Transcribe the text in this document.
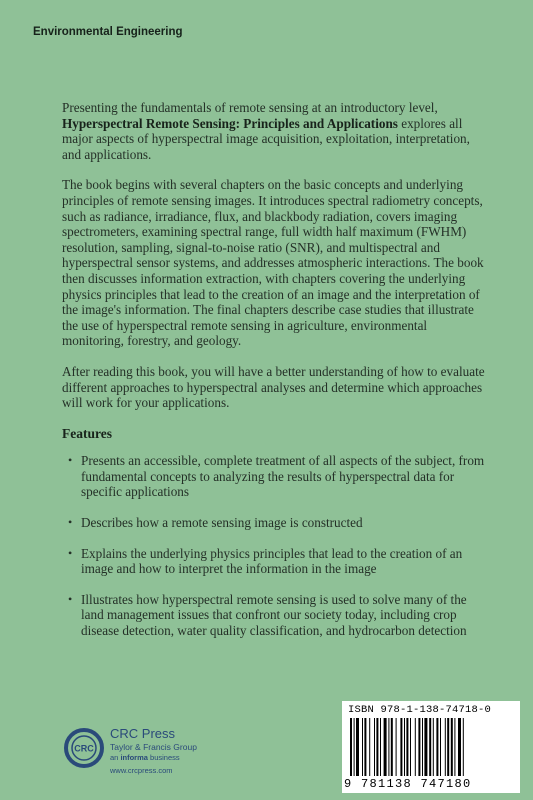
Environmental Engineering

Presenting the fundamentals of remote sensing at an introductory level, Hyperspectral Remote Sensing: Principles and Applications explores all major aspects of hyperspectral image acquisition, exploitation, interpretation, and applications.

The book begins with several chapters on the basic concepts and underlying principles of remote sensing images. It introduces spectral radiometry concepts, such as radiance, irradiance, flux, and blackbody radiation, covers imaging spectrometers, examining spectral range, full width half maximum (FWHM) resolution, sampling, signal-to-noise ratio (SNR), and multispectral and hyperspectral sensor systems, and addresses atmospheric interactions. The book then discusses information extraction, with chapters covering the underlying physics principles that lead to the creation of an image and the interpretation of the image's information. The final chapters describe case studies that illustrate the use of hyperspectral remote sensing in agriculture, environmental monitoring, forestry, and geology.

After reading this book, you will have a better understanding of how to evaluate different approaches to hyperspectral analyses and determine which approaches will work for your applications.

Features
• Presents an accessible, complete treatment of all aspects of the subject, from fundamental concepts to analyzing the results of hyperspectral data for specific applications
• Describes how a remote sensing image is constructed
• Explains the underlying physics principles that lead to the creation of an image and how to interpret the information in the image
• Illustrates how hyperspectral remote sensing is used to solve many of the land management issues that confront our society today, including crop disease detection, water quality classification, and hydrocarbon detection
CRC
CRC Press
Taylor & Francis Group
an informa business
www.crcpress.com
ISBN 978-1-138-74718-0
9 781138 747180
